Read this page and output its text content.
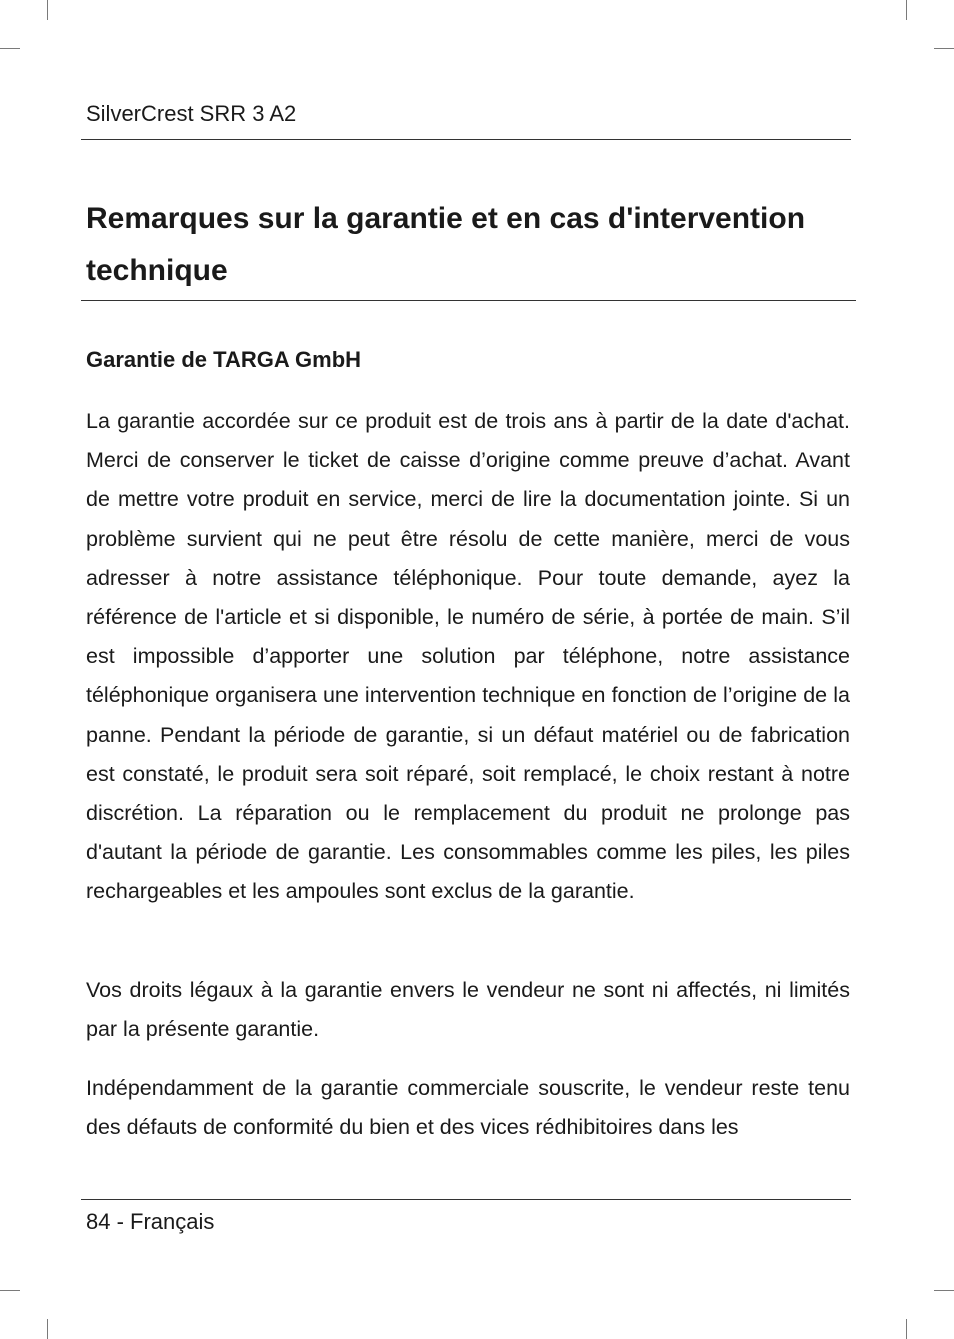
SilverCrest SRR 3 A2
Remarques sur la garantie et en cas d'intervention technique
Garantie de TARGA GmbH

La garantie accordée sur ce produit est de trois ans à partir de la date d'achat. Merci de conserver le ticket de caisse d’origine comme preuve d’achat. Avant de mettre votre produit en service, merci de lire la documentation jointe. Si un problème survient qui ne peut être résolu de cette manière, merci de vous adresser à notre assistance téléphonique. Pour toute demande, ayez la référence de l'article et si disponible, le numéro de série, à portée de main. S’il est impossible d’apporter une solution par téléphone, notre assistance téléphonique organisera une intervention technique en fonction de l’origine de la panne. Pendant la période de garantie, si un défaut matériel ou de fabrication est constaté, le produit sera soit réparé, soit remplacé, le choix restant à notre discrétion. La réparation ou le remplacement du produit ne prolonge pas d'autant la période de garantie. Les consommables comme les piles, les piles rechargeables et les ampoules sont exclus de la garantie.

Vos droits légaux à la garantie envers le vendeur ne sont ni affectés, ni limités par la présente garantie.

Indépendamment de la garantie commerciale souscrite, le vendeur reste tenu des défauts de conformité du bien et des vices rédhibitoires dans les

84 - Français
